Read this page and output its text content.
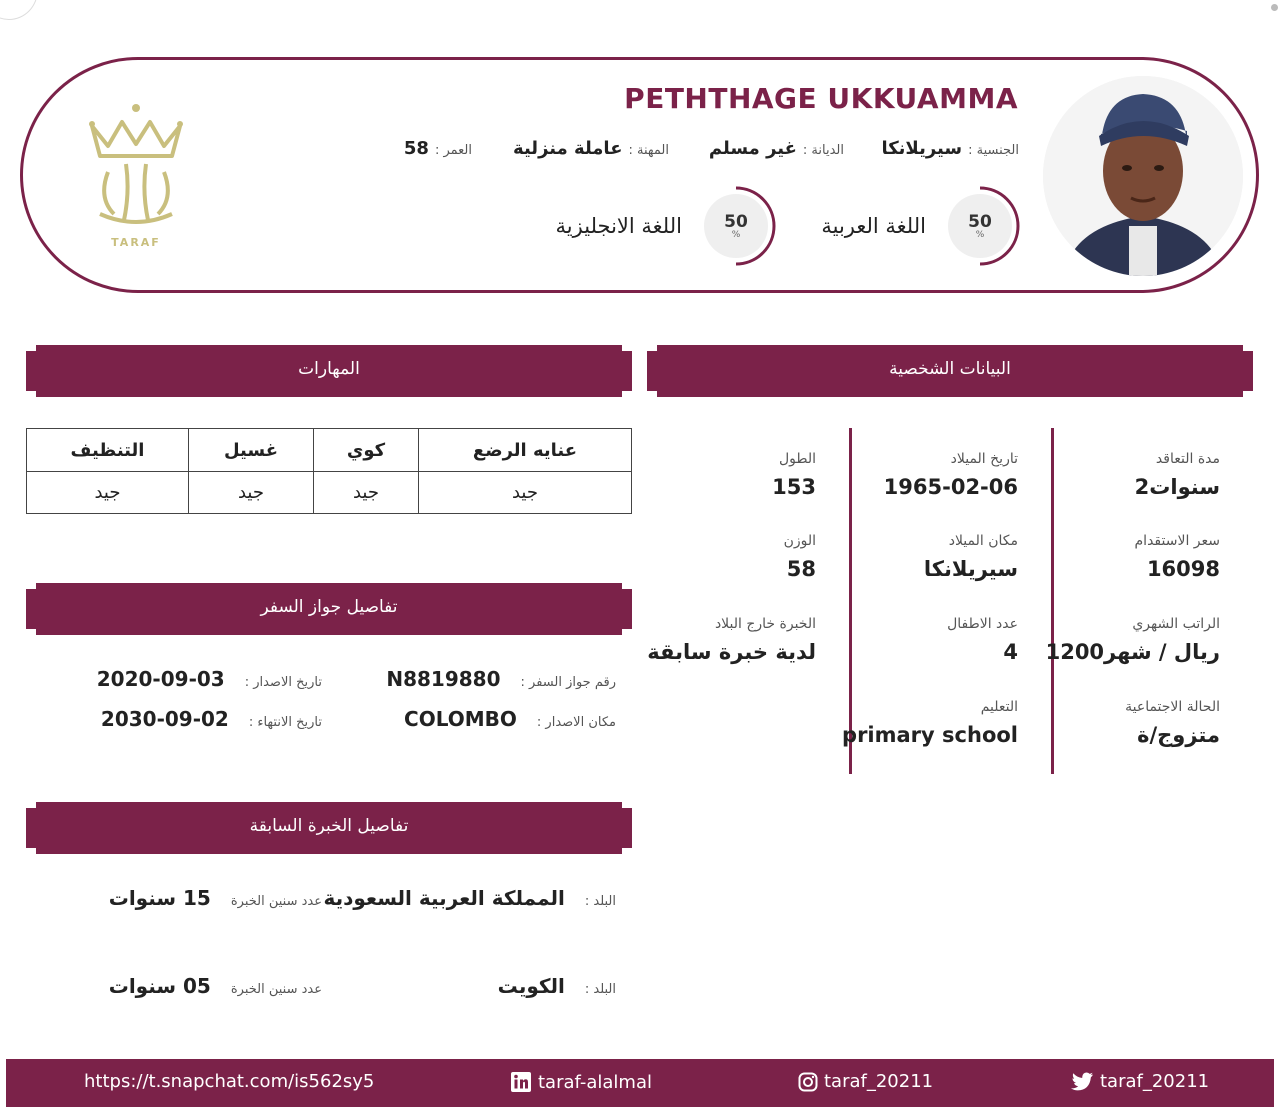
PETHTHAGE UKKUAMMA
الجنسية :
سيريلانكا
الديانة :
غير مسلم
المهنة :
عاملة منزلية
العمر :
58
50
%
اللغة العربية
50
%
اللغة الانجليزية
TARAF
المهارات	البيانات الشخصية
تفاصيل جواز السفر
تفاصيل الخبرة السابقة
عنايه الرضع	كوي	غسيل	التنظيف
جيد	جيد	جيد	جيد
مدة التعاقد
2سنوات
سعر الاستقدام
16098
الراتب الشهري
1200ريال / شهر
الحالة الاجتماعية
متزوج/ة
تاريخ الميلاد
1965-02-06
مكان الميلاد
سيريلانكا
عدد الاطفال
4
التعليم
primary school
الطول
153
الوزن
58
الخبرة خارج البلاد
لدية خبرة سابقة
رقم جواز السفر :
N8819880
تاريخ الاصدار :
2020-09-03
مكان الاصدار :
COLOMBO
تاريخ الانتهاء :
2030-09-02
البلد :
المملكة العربية السعودية
عدد سنين الخبرة
15 سنوات
البلد :
الكويت
عدد سنين الخبرة
05 سنوات
https://t.snapchat.com/is562sy5	taraf-alalmal	taraf_20211	taraf_20211
